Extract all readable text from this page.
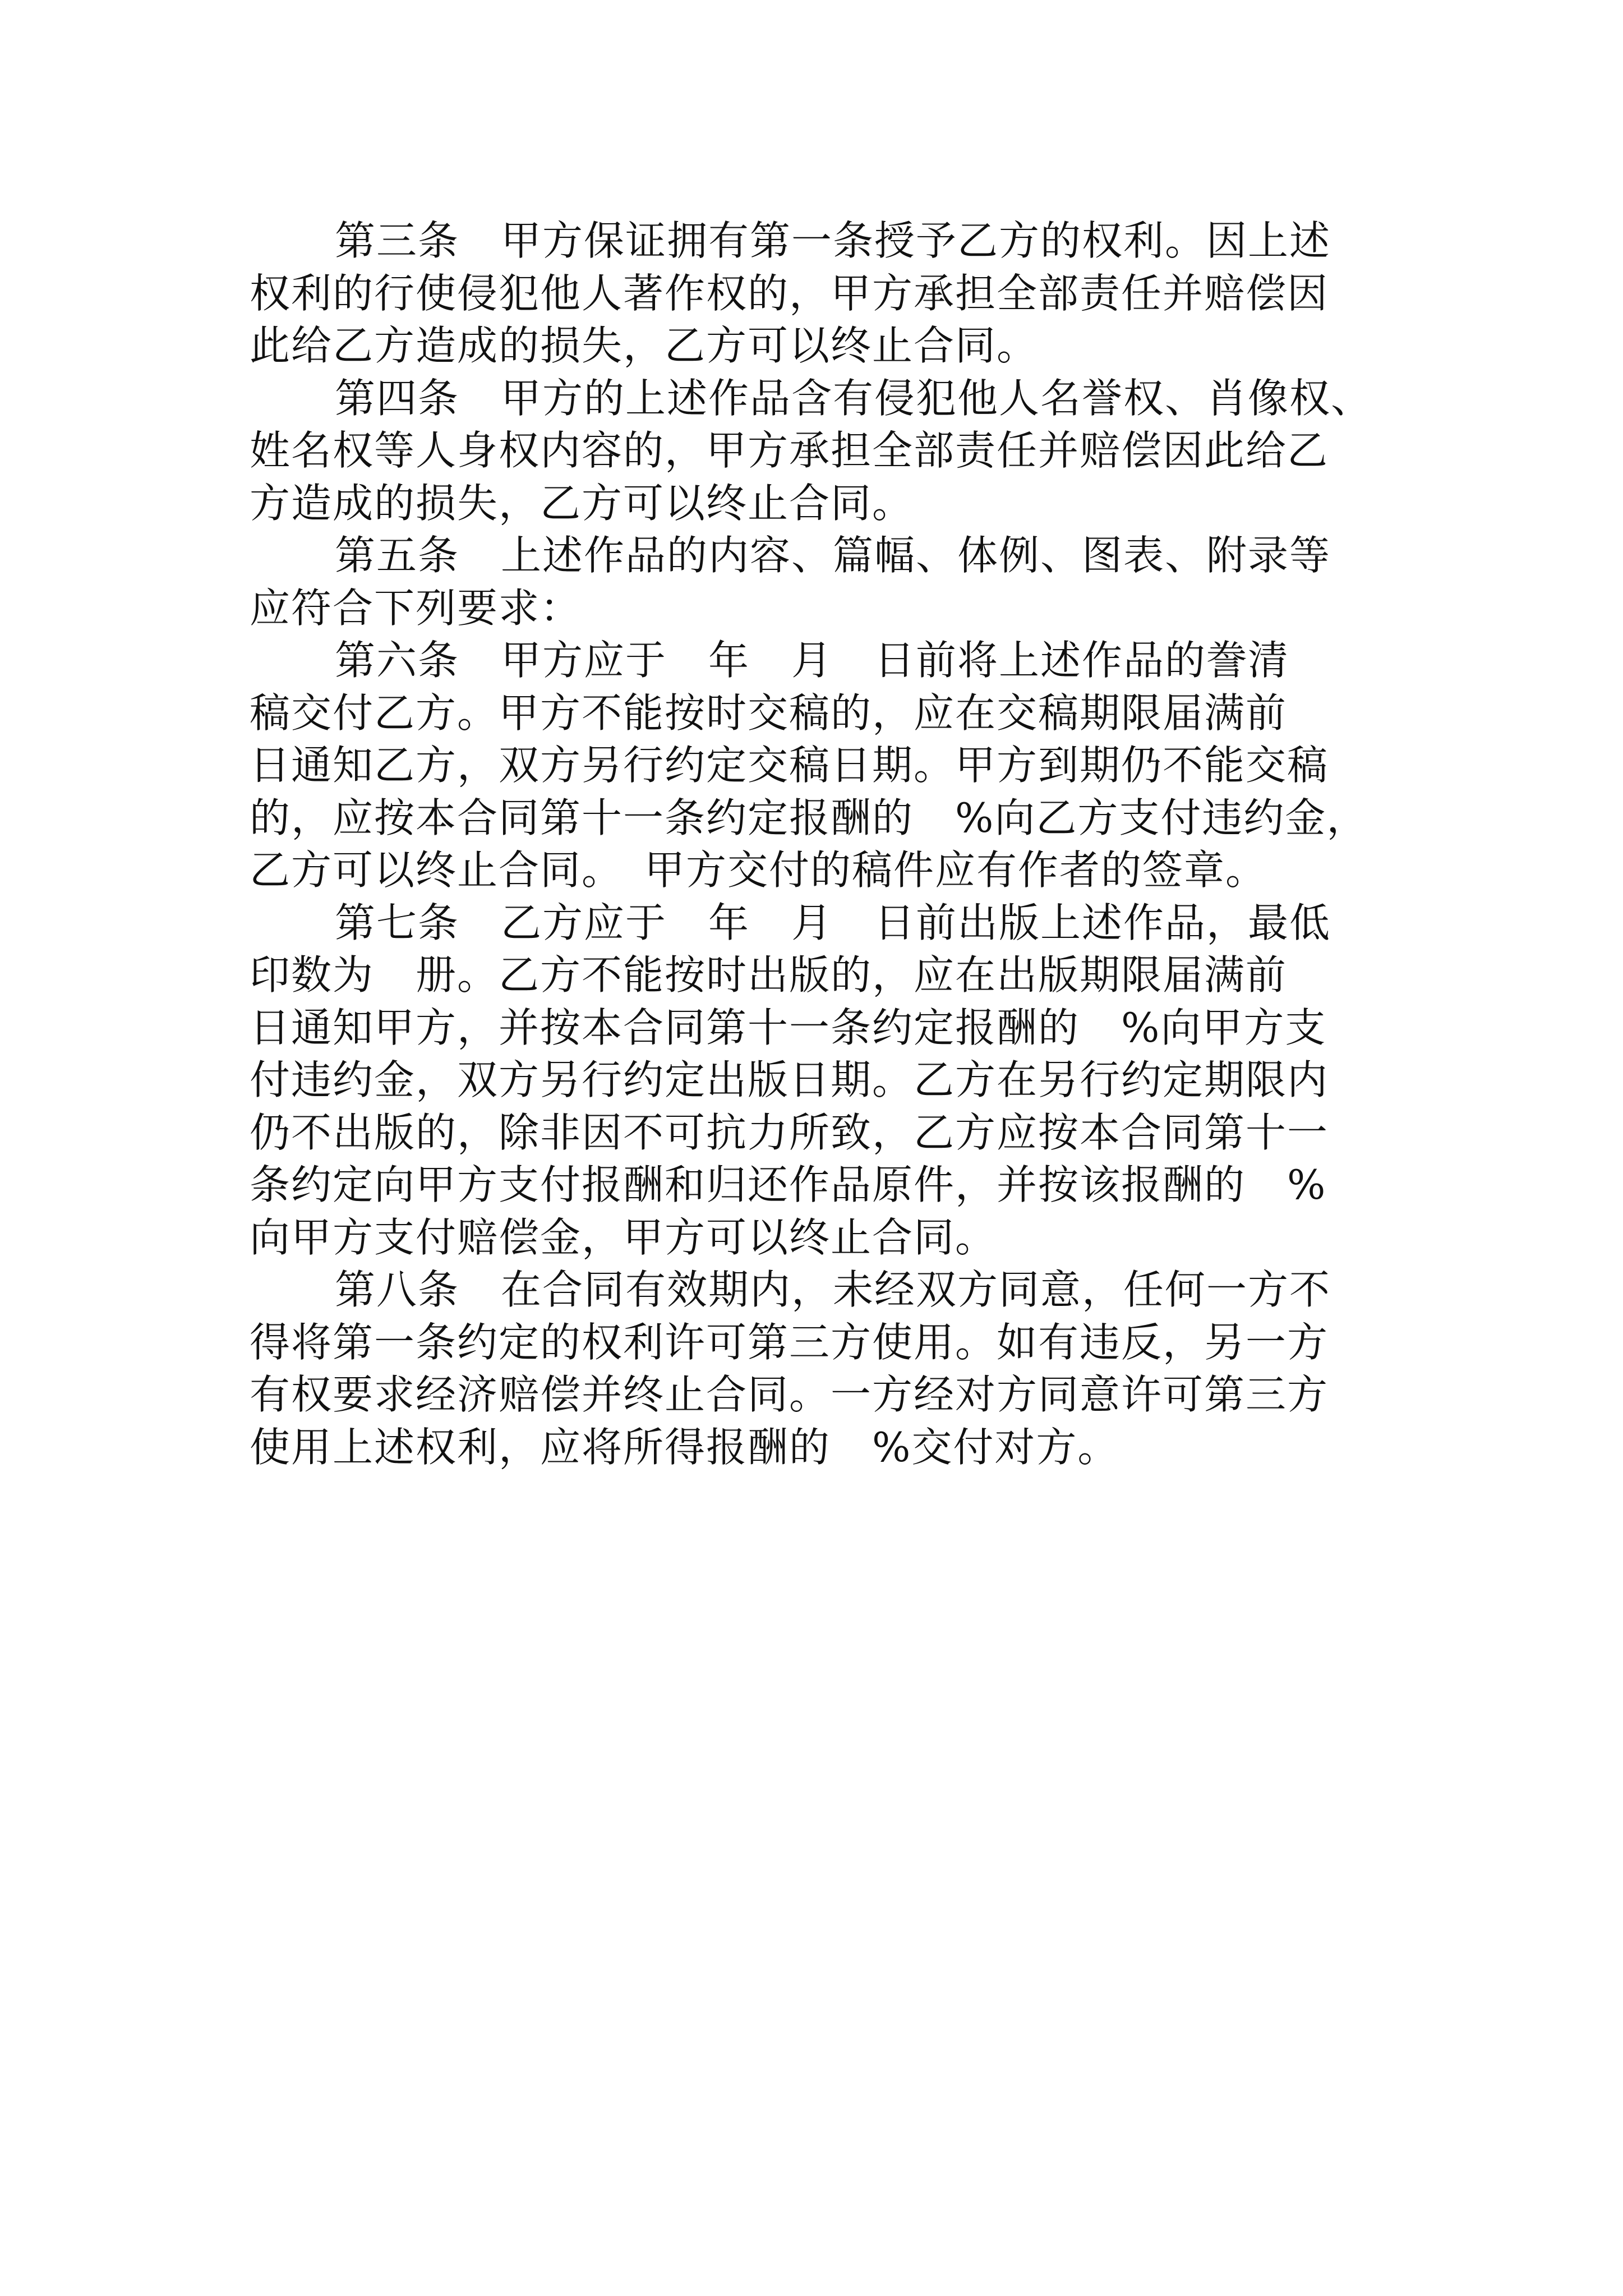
第三条　甲方保证拥有第一条授予乙方的权利。因上述
权利的行使侵犯他人著作权的，甲方承担全部责任并赔偿因
此给乙方造成的损失，乙方可以终止合同。
第四条　甲方的上述作品含有侵犯他人名誉权、肖像权、
姓名权等人身权内容的，甲方承担全部责任并赔偿因此给乙
方造成的损失，乙方可以终止合同。
第五条　上述作品的内容、篇幅、体例、图表、附录等
应符合下列要求：
第六条　甲方应于　年　月　日前将上述作品的誊清
稿交付乙方。甲方不能按时交稿的，应在交稿期限届满前
日通知乙方，双方另行约定交稿日期。甲方到期仍不能交稿
的，应按本合同第十一条约定报酬的　%向乙方支付违约金，
乙方可以终止合同。　甲方交付的稿件应有作者的签章。
第七条　乙方应于　年　月　日前出版上述作品，最低
印数为　册。乙方不能按时出版的，应在出版期限届满前
日通知甲方，并按本合同第十一条约定报酬的　%向甲方支
付违约金，双方另行约定出版日期。乙方在另行约定期限内
仍不出版的，除非因不可抗力所致，乙方应按本合同第十一
条约定向甲方支付报酬和归还作品原件，并按该报酬的　%
向甲方支付赔偿金，甲方可以终止合同。
第八条　在合同有效期内，未经双方同意，任何一方不
得将第一条约定的权利许可第三方使用。如有违反，另一方
有权要求经济赔偿并终止合同。一方经对方同意许可第三方
使用上述权利，应将所得报酬的　%交付对方。
